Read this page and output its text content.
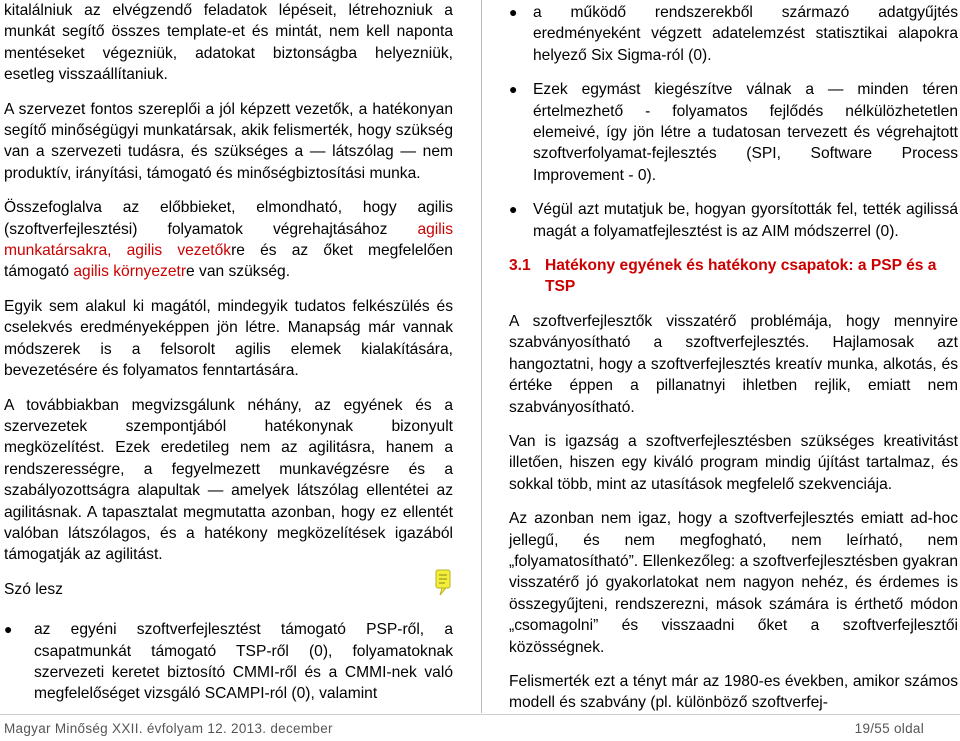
kitalálniuk az elvégzendő feladatok lépéseit, létrehozniuk a munkát segítő összes template-et és mintát, nem kell naponta mentéseket végezniük, adatokat biztonságba helyezniük, esetleg visszaállítaniuk.

A szervezet fontos szereplői a jól képzett vezetők, a hatékonyan segítő minőségügyi munkatársak, akik felismerték, hogy szükség van a szervezeti tudásra, és szükséges a — látszólag — nem produktív, irányítási, támogató és minőségbiztosítási munka.

Összefoglalva az előbbieket, elmondható, hogy agilis (szoftverfejlesztési) folyamatok végrehajtásához agilis munkatársakra, agilis vezetőkre és az őket megfelelően támogató agilis környezetre van szükség.

Egyik sem alakul ki magától, mindegyik tudatos felkészülés és cselekvés eredményeképpen jön létre. Manapság már vannak módszerek is a felsorolt agilis elemek kialakítására, bevezetésére és folyamatos fenntartására.

A továbbiakban megvizsgálunk néhány, az egyének és a szervezetek szempontjából hatékonynak bizonyult megközelítést. Ezek eredetileg nem az agilitásra, hanem a rendszerességre, a fegyelmezett munkavégzésre és a szabályozottságra alapultak — amelyek látszólag ellentétei az agilitásnak. A tapasztalat megmutatta azonban, hogy ez ellentét valóban látszólagos, és a hatékony megközelítések igazából támogatják az agilitást.

Szó lesz

● az egyéni szoftverfejlesztést támogató PSP-ről, a csapatmunkát támogató TSP-ről (0), folyamatoknak szervezeti keretet biztosító CMMI-ről és a CMMI-nek való megfelelőséget vizsgáló SCAMPI-ról (0), valamint
● a működő rendszerekből származó adatgyűjtés eredményeként végzett adatelemzést statisztikai alapokra helyező Six Sigma-ról (0).
● Ezek egymást kiegészítve válnak a — minden téren értelmezhető - folyamatos fejlődés nélkülözhetetlen elemeivé, így jön létre a tudatosan tervezett és végrehajtott szoftverfolyamat-fejlesztés (SPI, Software Process Improvement - 0).
● Végül azt mutatjuk be, hogyan gyorsították fel, tették agilissá magát a folyamatfejlesztést is az AIM módszerrel (0).
3.1 Hatékony egyének és hatékony csapatok: a PSP és a TSP

A szoftverfejlesztők visszatérő problémája, hogy mennyire szabványosítható a szoftverfejlesztés. Hajlamosak azt hangoztatni, hogy a szoftverfejlesztés kreatív munka, alkotás, és értéke éppen a pillanatnyi ihletben rejlik, emiatt nem szabványosítható.

Van is igazság a szoftverfejlesztésben szükséges kreativitást illetően, hiszen egy kiváló program mindig újítást tartalmaz, és sokkal több, mint az utasítások megfelelő szekvenciája.

Az azonban nem igaz, hogy a szoftverfejlesztés emiatt ad-hoc jellegű, és nem megfogható, nem leírható, nem „folyamatosítható”. Ellenkezőleg: a szoftverfejlesztésben gyakran visszatérő jó gyakorlatokat nem nagyon nehéz, és érdemes is összegyűjteni, rendszerezni, mások számára is érthető módon „csomagolni” és visszaadni őket a szoftverfejlesztői közösségnek.

Felismerték ezt a tényt már az 1980-es években, amikor számos modell és szabvány (pl. különböző szoftverfej-

Magyar Minőség XXII. évfolyam 12. 2013. december	19/55 oldal
